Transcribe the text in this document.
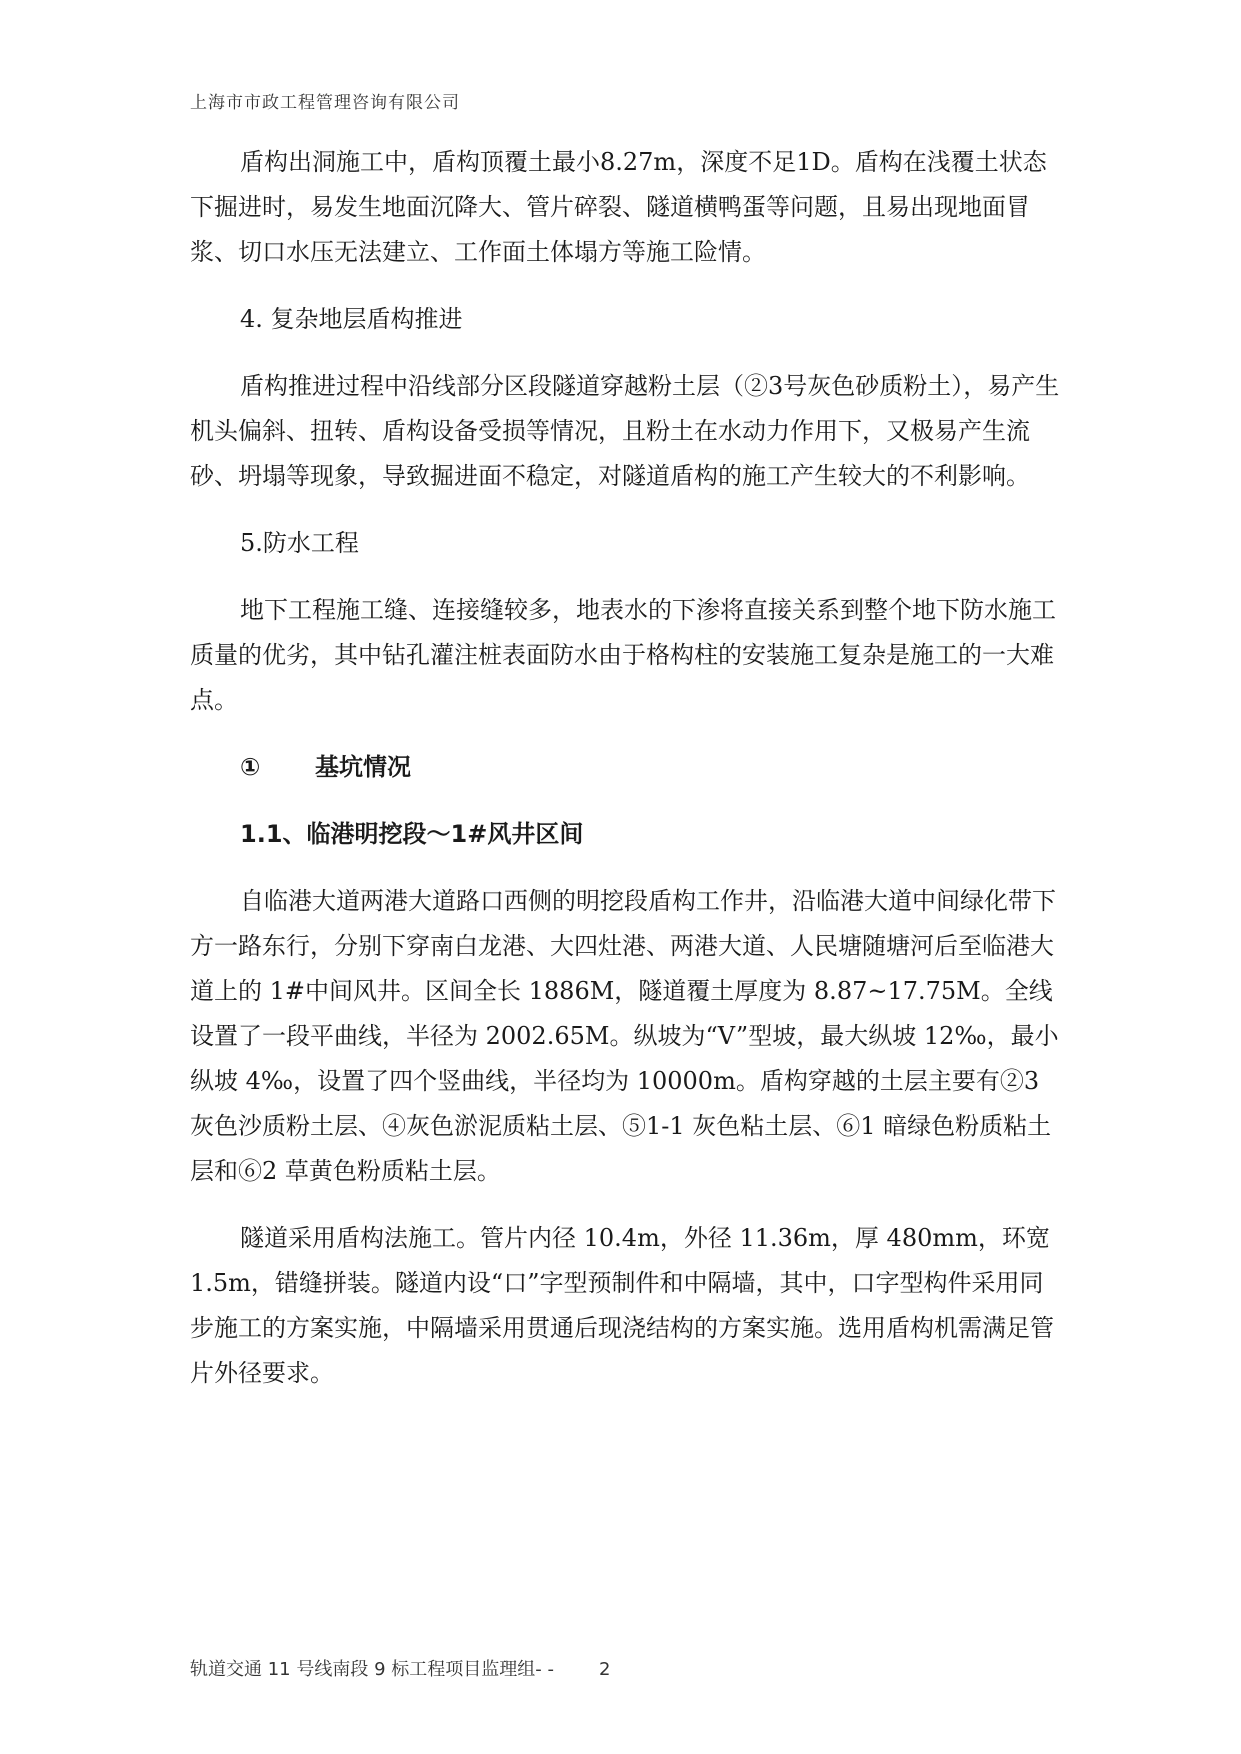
上海市市政工程管理咨询有限公司

盾构出洞施工中，盾构顶覆土最小8.27m，深度不足1D。盾构在浅覆土状态下掘进时，易发生地面沉降大、管片碎裂、隧道横鸭蛋等问题，且易出现地面冒浆、切口水压无法建立、工作面土体塌方等施工险情。

4. 复杂地层盾构推进

盾构推进过程中沿线部分区段隧道穿越粉土层（②3号灰色砂质粉土），易产生机头偏斜、扭转、盾构设备受损等情况，且粉土在水动力作用下，又极易产生流砂、坍塌等现象，导致掘进面不稳定，对隧道盾构的施工产生较大的不利影响。

5.防水工程

地下工程施工缝、连接缝较多，地表水的下渗将直接关系到整个地下防水施工质量的优劣，其中钻孔灌注桩表面防水由于格构柱的安装施工复杂是施工的一大难点。

① 基坑情况

1.1、临港明挖段～1#风井区间

自临港大道两港大道路口西侧的明挖段盾构工作井，沿临港大道中间绿化带下方一路东行，分别下穿南白龙港、大四灶港、两港大道、人民塘随塘河后至临港大道上的 1#中间风井。区间全长 1886M，隧道覆土厚度为 8.87~17.75M。全线设置了一段平曲线，半径为 2002.65M。纵坡为“V”型坡，最大纵坡 12‰，最小纵坡 4‰，设置了四个竖曲线，半径均为 10000m。盾构穿越的土层主要有②3 灰色沙质粉土层、④灰色淤泥质粘土层、⑤1-1 灰色粘土层、⑥1 暗绿色粉质粘土层和⑥2 草黄色粉质粘土层。

隧道采用盾构法施工。管片内径 10.4m，外径 11.36m，厚 480mm，环宽 1.5m，错缝拼装。隧道内设“口”字型预制件和中隔墙，其中，口字型构件采用同步施工的方案实施，中隔墙采用贯通后现浇结构的方案实施。选用盾构机需满足管片外径要求。

轨道交通 11 号线南段 9 标工程项目监理组- -	2
